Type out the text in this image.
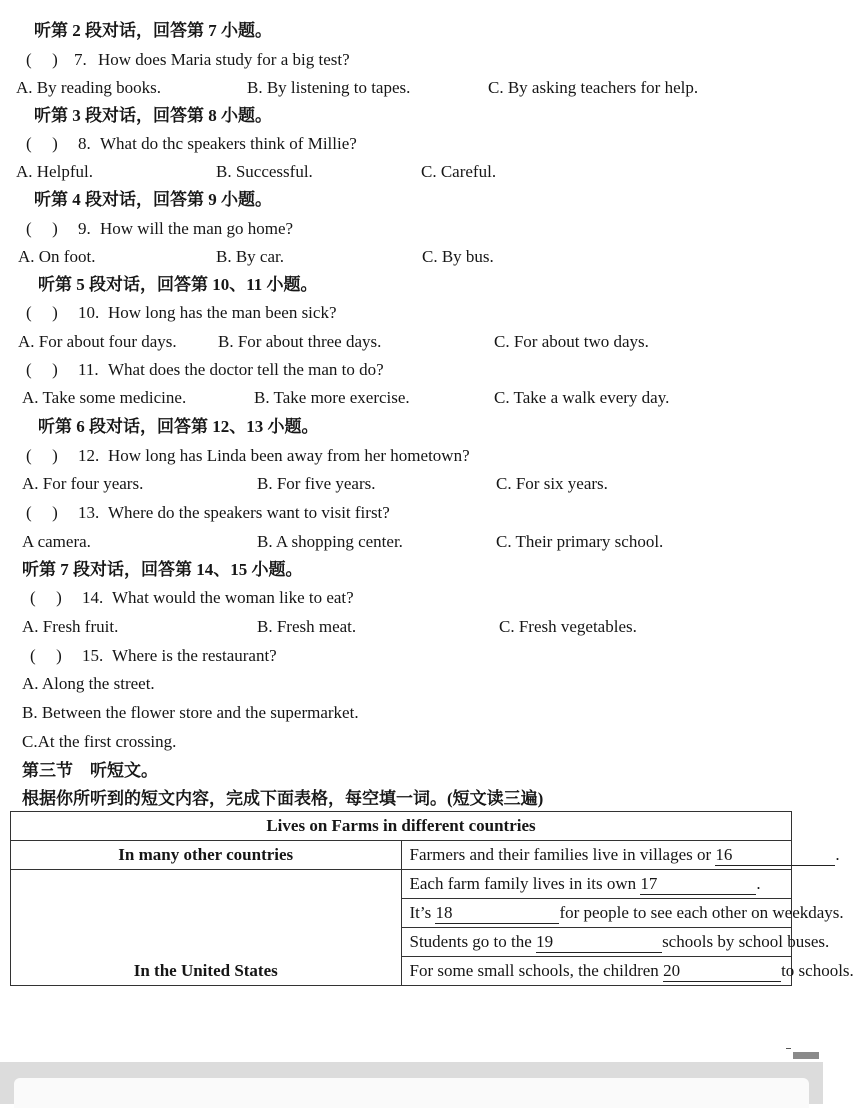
听第 2 段对话，回答第 7 小题。
(　 ) 7. How does Maria study for a big test?
A. By reading books.	B. By listening to tapes.	C. By asking teachers for help.
听第 3 段对话，回答第 8 小题。
(　 ) 8. What do thc speakers think of Millie?
A. Helpful.	B. Successful.	C. Careful.
听第 4 段对话，回答第 9 小题。
(　 ) 9. How will the man go home?
A. On foot.	B. By car.	C. By bus.
听第 5 段对话，回答第 10、11 小题。
(　 ) 10. How long has the man been sick?
A. For about four days. B. For about three days.	C. For about two days.
(　 ) 11. What does the doctor tell the man to do?
A. Take some medicine.	B. Take more exercise.	C. Take a walk every day.
听第 6 段对话，回答第 12、13 小题。
(　 ) 12. How long has Linda been away from her hometown?
A. For four years.	B. For five years.	C. For six years.
(　 ) 13. Where do the speakers want to visit first?
A camera.	B. A shopping center.	C. Their primary school.
听第 7 段对话，回答第 14、15 小题。
(　 ) 14. What would the woman like to eat?
A. Fresh fruit.	B. Fresh meat.	C. Fresh vegetables.
(　 ) 15. Where is the restaurant?
A. Along the street.
B. Between the flower store and the supermarket.
C.At the first crossing.
第三节　听短文。
根据你所听到的短文内容，完成下面表格，每空填一词。(短文读三遍)
Lives on Farms in different countries	
In many other countries	Farmers and their families live in villages or 16 .
In the United States	Each farm family lives in its own 17 .
	It’s 18 for people to see each other on weekdays.
	Students go to the 19 schools by school buses.
	For some small schools, the children 20 to schools.
